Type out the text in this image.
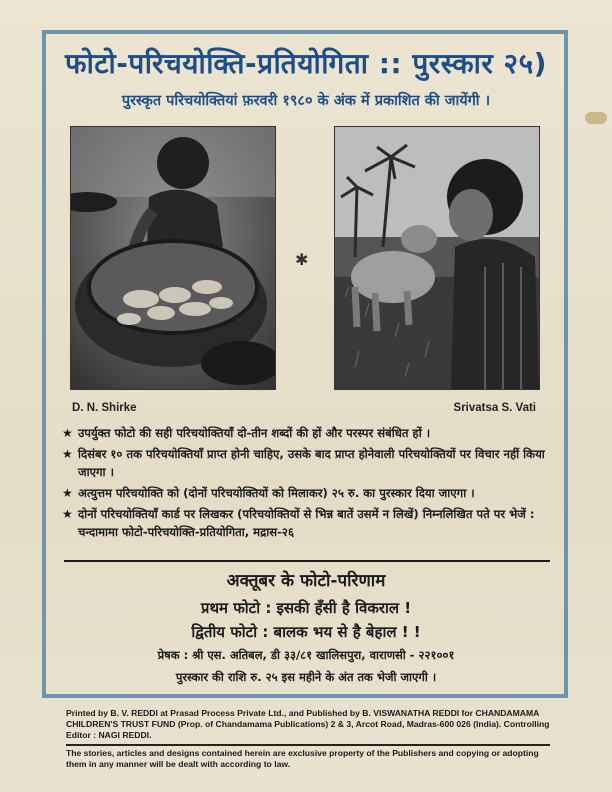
फोटो-परिचयोक्ति-प्रतियोगिता :: पुरस्कार २५)
पुरस्कृत परिचयोक्तियां फ़रवरी १९८० के अंक में प्रकाशित की जायेंगी ।
✱
D. N. Shirke	Srivatsa S. Vati
★ उपर्युक्त फोटो की सही परिचयोक्तियाँ दो-तीन शब्दों की हों और परस्पर संबंधित हों ।
★ दिसंबर १० तक परिचयोक्तियाँ प्राप्त होनी चाहिए, उसके बाद प्राप्त होनेवाली परिचयोक्तियों पर विचार नहीं किया जाएगा ।
★ अत्युत्तम परिचयोक्ति को (दोनों परिचयोक्तियों को मिलाकर) २५ रु. का पुरस्कार दिया जाएगा ।
★ दोनों परिचयोक्तियाँ कार्ड पर लिखकर (परिचयोक्तियों से भिन्न बातें उसमें न लिखें) निम्नलिखित पते पर भेजें : चन्दामामा फोटो-परिचयोक्ति-प्रतियोगिता, मद्रास-२६
अक्तूबर के फोटो-परिणाम
प्रथम फोटो : इसकी हँसी है विकराल !
द्वितीय फोटो : बालक भय से है बेहाल ! !
प्रेषक : श्री एस. अतिबल, डी ३३/८१ खालिसपुरा, वाराणसी - २२१००१
पुरस्कार की राशि रु. २५ इस महीने के अंत तक भेजी जाएगी ।
Printed by B. V. REDDI at Prasad Process Private Ltd., and Published by B. VISWANATHA REDDI for CHANDAMAMA CHILDREN'S TRUST FUND (Prop. of Chandamama Publications) 2 & 3, Arcot Road, Madras-600 026 (India). Controlling Editor : NAGI REDDI.
The stories, articles and designs contained herein are exclusive property of the Publishers and copying or adopting them in any manner will be dealt with according to law.
